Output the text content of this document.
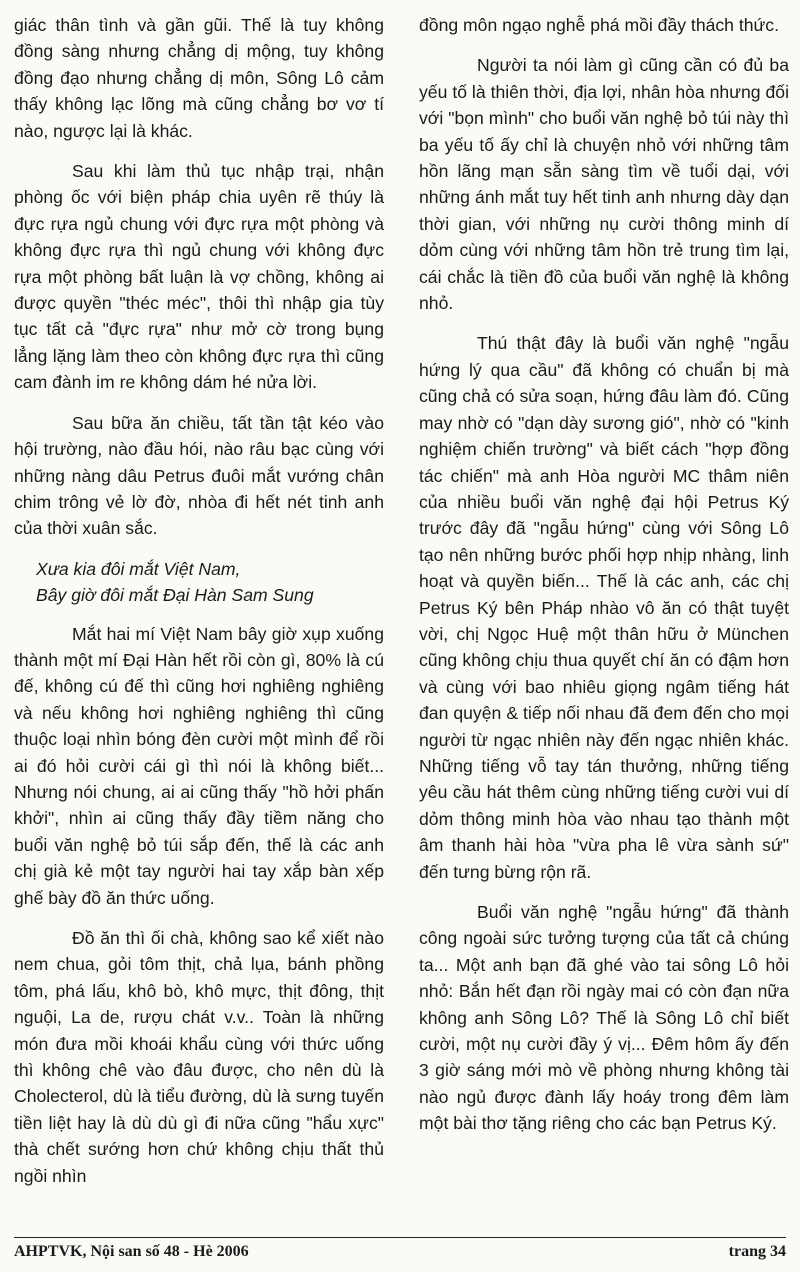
giác thân tình và gần gũi. Thế là tuy không đồng sàng nhưng chẳng dị mộng, tuy không đồng đạo nhưng chẳng dị môn, Sông Lô cảm thấy không lạc lõng mà cũng chẳng bơ vơ tí nào, ngược lại là khác.

Sau khi làm thủ tục nhập trại, nhận phòng ốc với biện pháp chia uyên rẽ thúy là đực rựa ngủ chung với đực rựa một phòng và không đực rựa thì ngủ chung với không đực rựa một phòng bất luận là vợ chồng, không ai được quyền "théc méc", thôi thì nhập gia tùy tục tất cả "đực rựa" như mở cờ trong bụng lẳng lặng làm theo còn không đực rựa thì cũng cam đành im re không dám hé nửa lời.

Sau bữa ăn chiều, tất tần tật kéo vào hội trường, nào đầu hói, nào râu bạc cùng với những nàng dâu Petrus đuôi mắt vướng chân chim trông vẻ lờ đờ, nhòa đi hết nét tinh anh của thời xuân sắc.

Xưa kia đôi mắt Việt Nam,
Bây giờ đôi mắt Đại Hàn Sam Sung

Mắt hai mí Việt Nam bây giờ xụp xuống thành một mí Đại Hàn hết rồi còn gì, 80% là cú đế, không cú đế thì cũng hơi nghiêng nghiêng và nếu không hơi nghiêng nghiêng thì cũng thuộc loại nhìn bóng đèn cười một mình để rồi ai đó hỏi cười cái gì thì nói là không biết... Nhưng nói chung, ai ai cũng thấy "hồ hởi phấn khởi", nhìn ai cũng thấy đầy tiềm năng cho buổi văn nghệ bỏ túi sắp đến, thế là các anh chị già kẻ một tay người hai tay xắp bàn xếp ghế bày đồ ăn thức uống.

Đồ ăn thì ối chà, không sao kể xiết nào nem chua, gỏi tôm thịt, chả lụa, bánh phồng tôm, phá lấu, khô bò, khô mực, thịt đông, thịt nguội, La de, rượu chát v.v.. Toàn là những món đưa mồi khoái khẩu cùng với thức uống thì không chê vào đâu được, cho nên dù là Cholecterol, dù là tiểu đường, dù là sưng tuyến tiền liệt hay là dù dù gì đi nữa cũng "hẩu xực" thà chết sướng hơn chứ không chịu thất thủ ngồi nhìn

đồng môn ngạo nghễ phá mồi đầy thách thức.

Người ta nói làm gì cũng cần có đủ ba yếu tố là thiên thời, địa lợi, nhân hòa nhưng đối với "bọn mình" cho buổi văn nghệ bỏ túi này thì ba yếu tố ấy chỉ là chuyện nhỏ với những tâm hồn lãng mạn sẵn sàng tìm về tuổi dại, với những ánh mắt tuy hết tinh anh nhưng dày dạn thời gian, với những nụ cười thông minh dí dỏm cùng với những tâm hồn trẻ trung tìm lại, cái chắc là tiền đồ của buổi văn nghệ là không nhỏ.

Thú thật đây là buổi văn nghệ "ngẫu hứng lý qua cầu" đã không có chuẩn bị mà cũng chả có sửa soạn, hứng đâu làm đó. Cũng may nhờ có "dạn dày sương gió", nhờ có "kinh nghiệm chiến trường" và biết cách "hợp đồng tác chiến" mà anh Hòa người MC thâm niên của nhiều buổi văn nghệ đại hội Petrus Ký trước đây đã "ngẫu hứng" cùng với Sông Lô tạo nên những bước phối hợp nhịp nhàng, linh hoạt và quyền biến... Thế là các anh, các chị Petrus Ký bên Pháp nhào vô ăn có thật tuyệt vời, chị Ngọc Huệ một thân hữu ở München cũng không chịu thua quyết chí ăn có đậm hơn và cùng với bao nhiêu giọng ngâm tiếng hát đan quyện & tiếp nối nhau đã đem đến cho mọi người từ ngạc nhiên này đến ngạc nhiên khác. Những tiếng vỗ tay tán thưởng, những tiếng yêu cầu hát thêm cùng những tiếng cười vui dí dỏm thông minh hòa vào nhau tạo thành một âm thanh hài hòa "vừa pha lê vừa sành sứ" đến tưng bừng rộn rã.

Buổi văn nghệ "ngẫu hứng" đã thành công ngoài sức tưởng tượng của tất cả chúng ta... Một anh bạn đã ghé vào tai sông Lô hỏi nhỏ: Bắn hết đạn rồi ngày mai có còn đạn nữa không anh Sông Lô? Thế là Sông Lô chỉ biết cười, một nụ cười đầy ý vị... Đêm hôm ấy đến 3 giờ sáng mới mò về phòng nhưng không tài nào ngủ được đành lấy hoáy trong đêm làm một bài thơ tặng riêng cho các bạn Petrus Ký.

AHPTVK, Nội san số 48 - Hè 2006	trang 34
